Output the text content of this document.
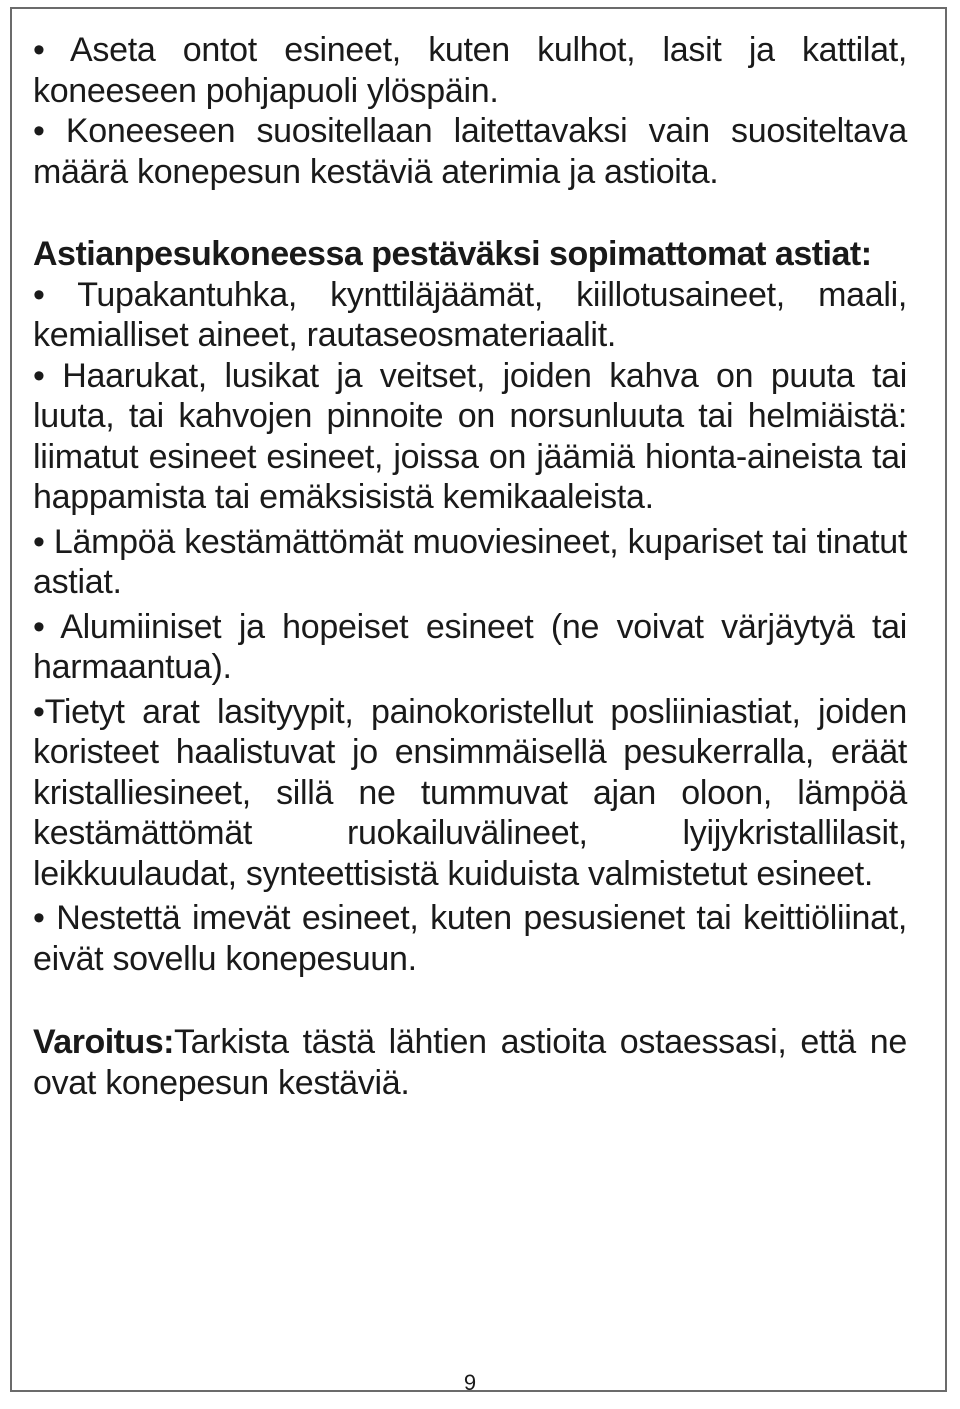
• Aseta ontot esineet, kuten kulhot, lasit ja kattilat, koneeseen pohjapuoli ylöspäin.

• Koneeseen suositellaan laitettavaksi vain suositeltava määrä konepesun kestäviä aterimia ja astioita.

Astianpesukoneessa pestäväksi sopimattomat astiat:

• Tupakantuhka, kynttiläjäämät, kiillotusaineet, maali, kemialliset aineet, rautaseosmateriaalit.

• Haarukat, lusikat ja veitset, joiden kahva on puuta tai luuta, tai kahvojen pinnoite on norsunluuta tai helmiäistä: liimatut esineet esineet, joissa on jäämiä hionta-aineista tai happamista tai emäksisistä kemikaaleista.

• Lämpöä kestämättömät muoviesineet, kupariset tai tinatut astiat.

• Alumiiniset ja hopeiset esineet (ne voivat värjäytyä tai harmaantua).

•Tietyt arat lasityypit, painokoristellut posliiniastiat, joiden koristeet haalistuvat jo ensimmäisellä pesukerralla, eräät kristalliesineet, sillä ne tummuvat ajan oloon, lämpöä kestämättömät ruokailuvälineet, lyijykristallilasit, leikkuulaudat, synteettisistä kuiduista valmistetut esineet.

• Nestettä imevät esineet, kuten pesusienet tai keittiöliinat, eivät sovellu konepesuun.

Varoitus:Tarkista tästä lähtien astioita ostaessasi, että ne ovat konepesun kestäviä.

9
